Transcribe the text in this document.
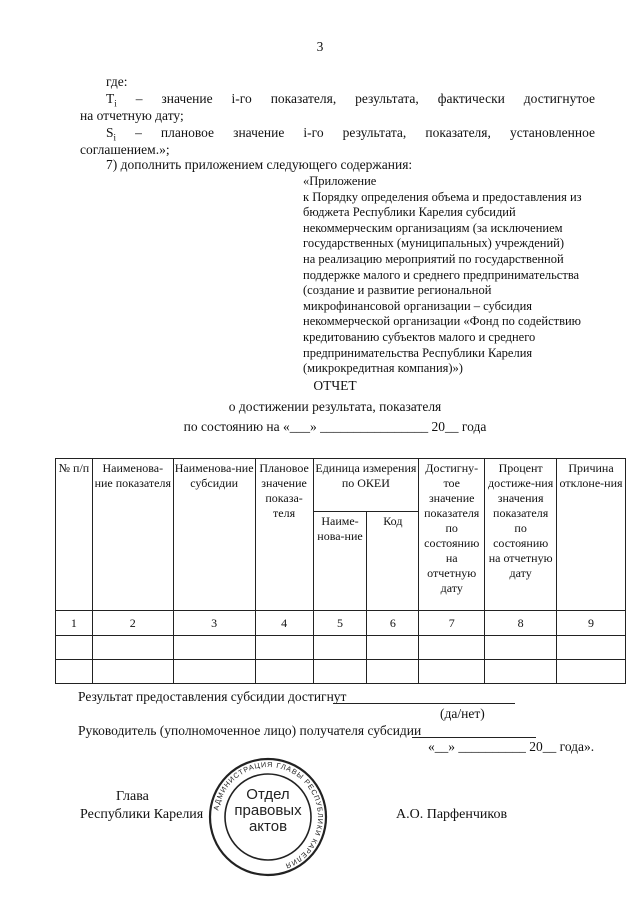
3
где:
$T_i$ – значение i-го показателя, результата, фактически достигнутое
на отчетную дату;
$S_i$ – плановое значение i-го результата, показателя, установленное
соглашением.»;
7) дополнить приложением следующего содержания:
«Приложение
к Порядку определения объема и предоставления из
бюджета Республики Карелия субсидий
некоммерческим организациям (за исключением
государственных (муниципальных) учреждений)
на реализацию мероприятий по государственной
поддержке малого и среднего предпринимательства
(создание и развитие региональной
микрофинансовой организации – субсидия
некоммерческой организации «Фонд по содействию
кредитованию субъектов малого и среднего
предпринимательства Республики Карелия
(микрокредитная компания)»)
ОТЧЕТ
о достижении результата, показателя
по состоянию на «___» ________________ 20__ года
№ п/п	Наименова-ние показателя	Наименова-ние субсидии	Плановое значение показа-теля	Единица измерения по ОКЕИ		Достигну-тое значение показателя по состоянию на отчетную дату	Процент достиже-ния значения показателя по состоянию на отчетную дату	Причина отклоне-ния
				Наиме-нова-ние	Код			
1	2	3	4	5	6	7	8	9

Результат предоставления субсидии достигнут
(да/нет)
Руководитель (уполномоченное лицо) получателя субсидии
«__» __________ 20__ года».
Глава
Республики Карелия	А.О. Парфенчиков
АДМИНИСТРАЦИЯ ГЛАВЫ РЕСПУБЛИКИ КАРЕЛИЯ
Отдел
правовых
актов
